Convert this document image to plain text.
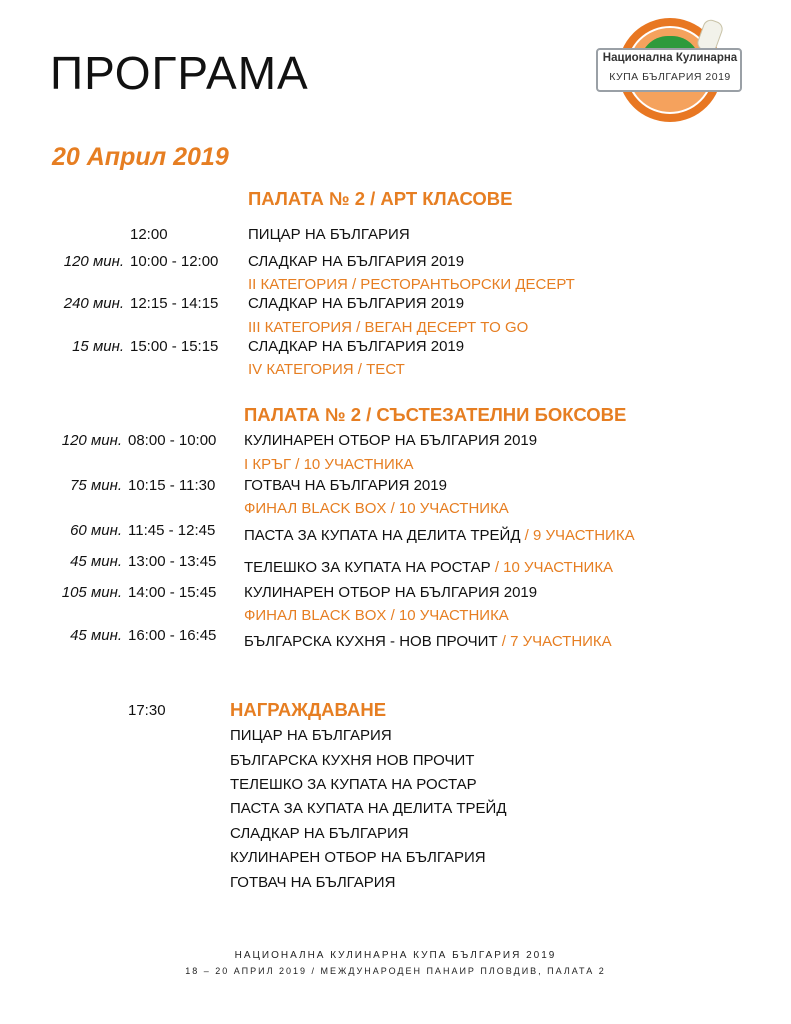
ПРОГРАМА	Национална Кулинарна
КУПА БЪЛГАРИЯ 2019
20 Април 2019
ПАЛАТА № 2 / АРТ КЛАСОВЕ
12:00	ПИЦАР НА БЪЛГАРИЯ
120 мин. 10:00 - 12:00 СЛАДКАР НА БЪЛГАРИЯ 2019
II КАТЕГОРИЯ / РЕСТОРАНТЬОРСКИ ДЕСЕРТ
240 мин. 12:15 - 14:15 СЛАДКАР НА БЪЛГАРИЯ 2019
III КАТЕГОРИЯ / ВЕГАН ДЕСЕРТ TO GO
15 мин. 15:00 - 15:15 СЛАДКАР НА БЪЛГАРИЯ 2019
IV КАТЕГОРИЯ / ТЕСТ
ПАЛАТА № 2 / СЪСТЕЗАТЕЛНИ БОКСОВЕ
120 мин. 08:00 - 10:00 КУЛИНАРЕН ОТБОР НА БЪЛГАРИЯ 2019
I КРЪГ / 10 УЧАСТНИКА
75 мин. 10:15 - 11:30 ГОТВАЧ НА БЪЛГАРИЯ 2019
ФИНАЛ BLACK BOX / 10 УЧАСТНИКА
60 мин. 11:45 - 12:45 ПАСТА ЗА КУПАТА НА ДЕЛИТА ТРЕЙД / 9 УЧАСТНИКА
45 мин. 13:00 - 13:45 ТЕЛЕШКО ЗА КУПАТА НА РОСТАР / 10 УЧАСТНИКА
105 мин. 14:00 - 15:45 КУЛИНАРЕН ОТБОР НА БЪЛГАРИЯ 2019
ФИНАЛ BLACK BOX / 10 УЧАСТНИКА
45 мин. 16:00 - 16:45 БЪЛГАРСКА КУХНЯ - НОВ ПРОЧИТ / 7 УЧАСТНИКА
17:30	НАГРАЖДАВАНЕ
ПИЦАР НА БЪЛГАРИЯ
БЪЛГАРСКА КУХНЯ НОВ ПРОЧИТ
ТЕЛЕШКО ЗА КУПАТА НА РОСТАР
ПАСТА ЗА КУПАТА НА ДЕЛИТА ТРЕЙД
СЛАДКАР НА БЪЛГАРИЯ
КУЛИНАРЕН ОТБОР НА БЪЛГАРИЯ
ГОТВАЧ НА БЪЛГАРИЯ
НАЦИОНАЛНА КУЛИНАРНА КУПА БЪЛГАРИЯ 2019
18 – 20 АПРИЛ 2019 / МЕЖДУНАРОДЕН ПАНАИР ПЛОВДИВ, ПАЛАТА 2
